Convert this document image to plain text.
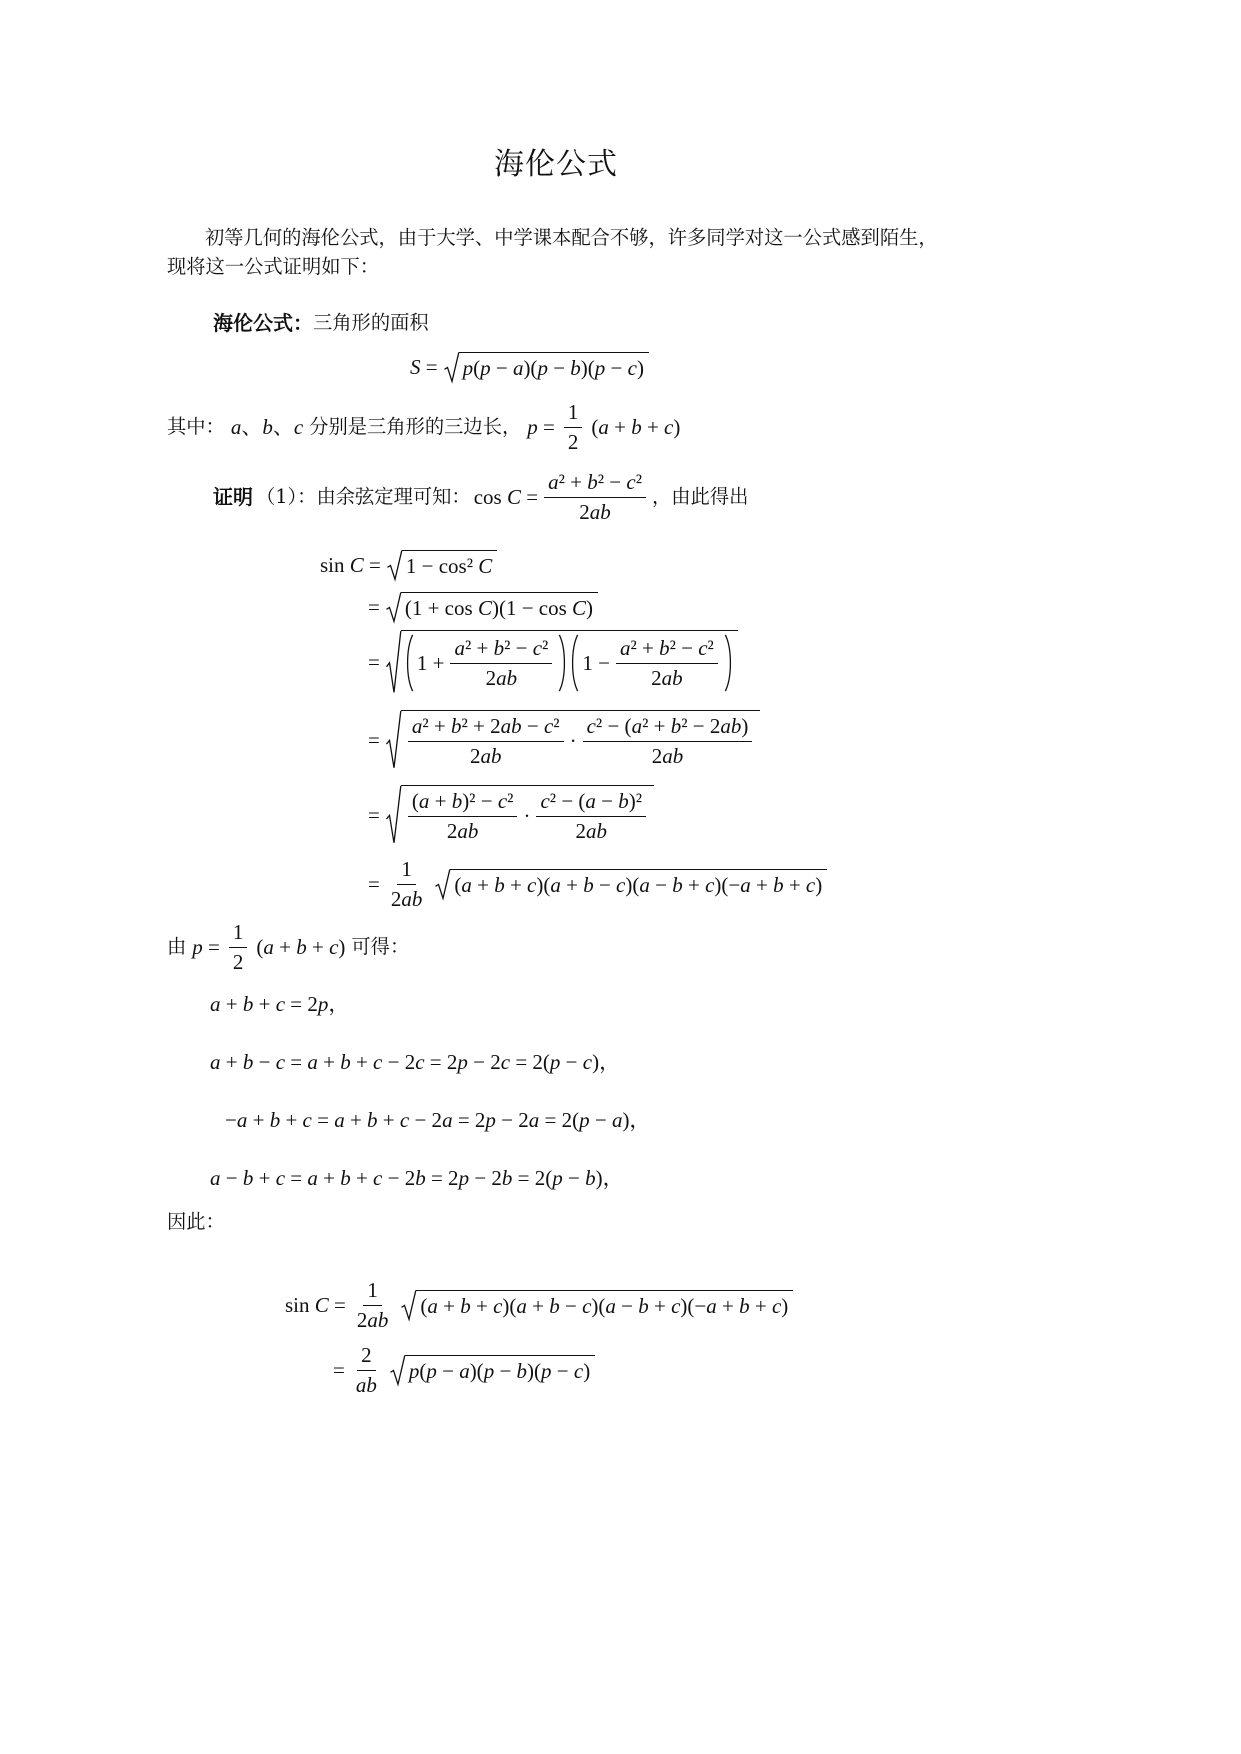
海伦公式
初等几何的海伦公式，由于大学、中学课本配合不够，许多同学对这一公式感到陌生，
现将这一公式证明如下：
海伦公式： 三角形的面积
S = p(p − a)(p − b)(p − c)
其中： a、b、c 分别是三角形的三边长， $p = \frac{1}{2} (a + b + c)$
证明 （1）：由余弦定理可知： $\cos C = \frac{\text{a² + b² − c²}}{2ab}$ ，由此得出
sin C = 1 − cos² C
= (1 + cos C)(1 − cos C)
= $1 + \frac{\text{a² + b² − c²}}{2ab} 1 - \frac{\text{a² + b² − c²}}{2ab}$
= $\frac{\text{a² + b² + 2ab − c²}}{2ab} \cdot \frac{\text{c² − (a² + b² − 2ab)}}{2ab}$
= $\frac{\text{(a + b)² − c²}}{2ab} \cdot \frac{\text{c² − (a − b)²}}{2ab}$
= $\frac{1}{2ab} (a + b + c)(a + b - c)(a - b + c)(-a + b + c)$
由 $p = \frac{1}{2} (a + b + c)$ 可得：
a + b + c = 2p，
a + b − c = a + b + c − 2c = 2p − 2c = 2(p − c)，
−a + b + c = a + b + c − 2a = 2p − 2a = 2(p − a)，
a − b + c = a + b + c − 2b = 2p − 2b = 2(p − b)，
因此：
$\sin C = \frac{1}{2ab} (a + b + c)(a + b - c)(a - b + c)(-a + b + c)$
= $\frac{2}{ab} p(p - a)(p - b)(p - c)$
